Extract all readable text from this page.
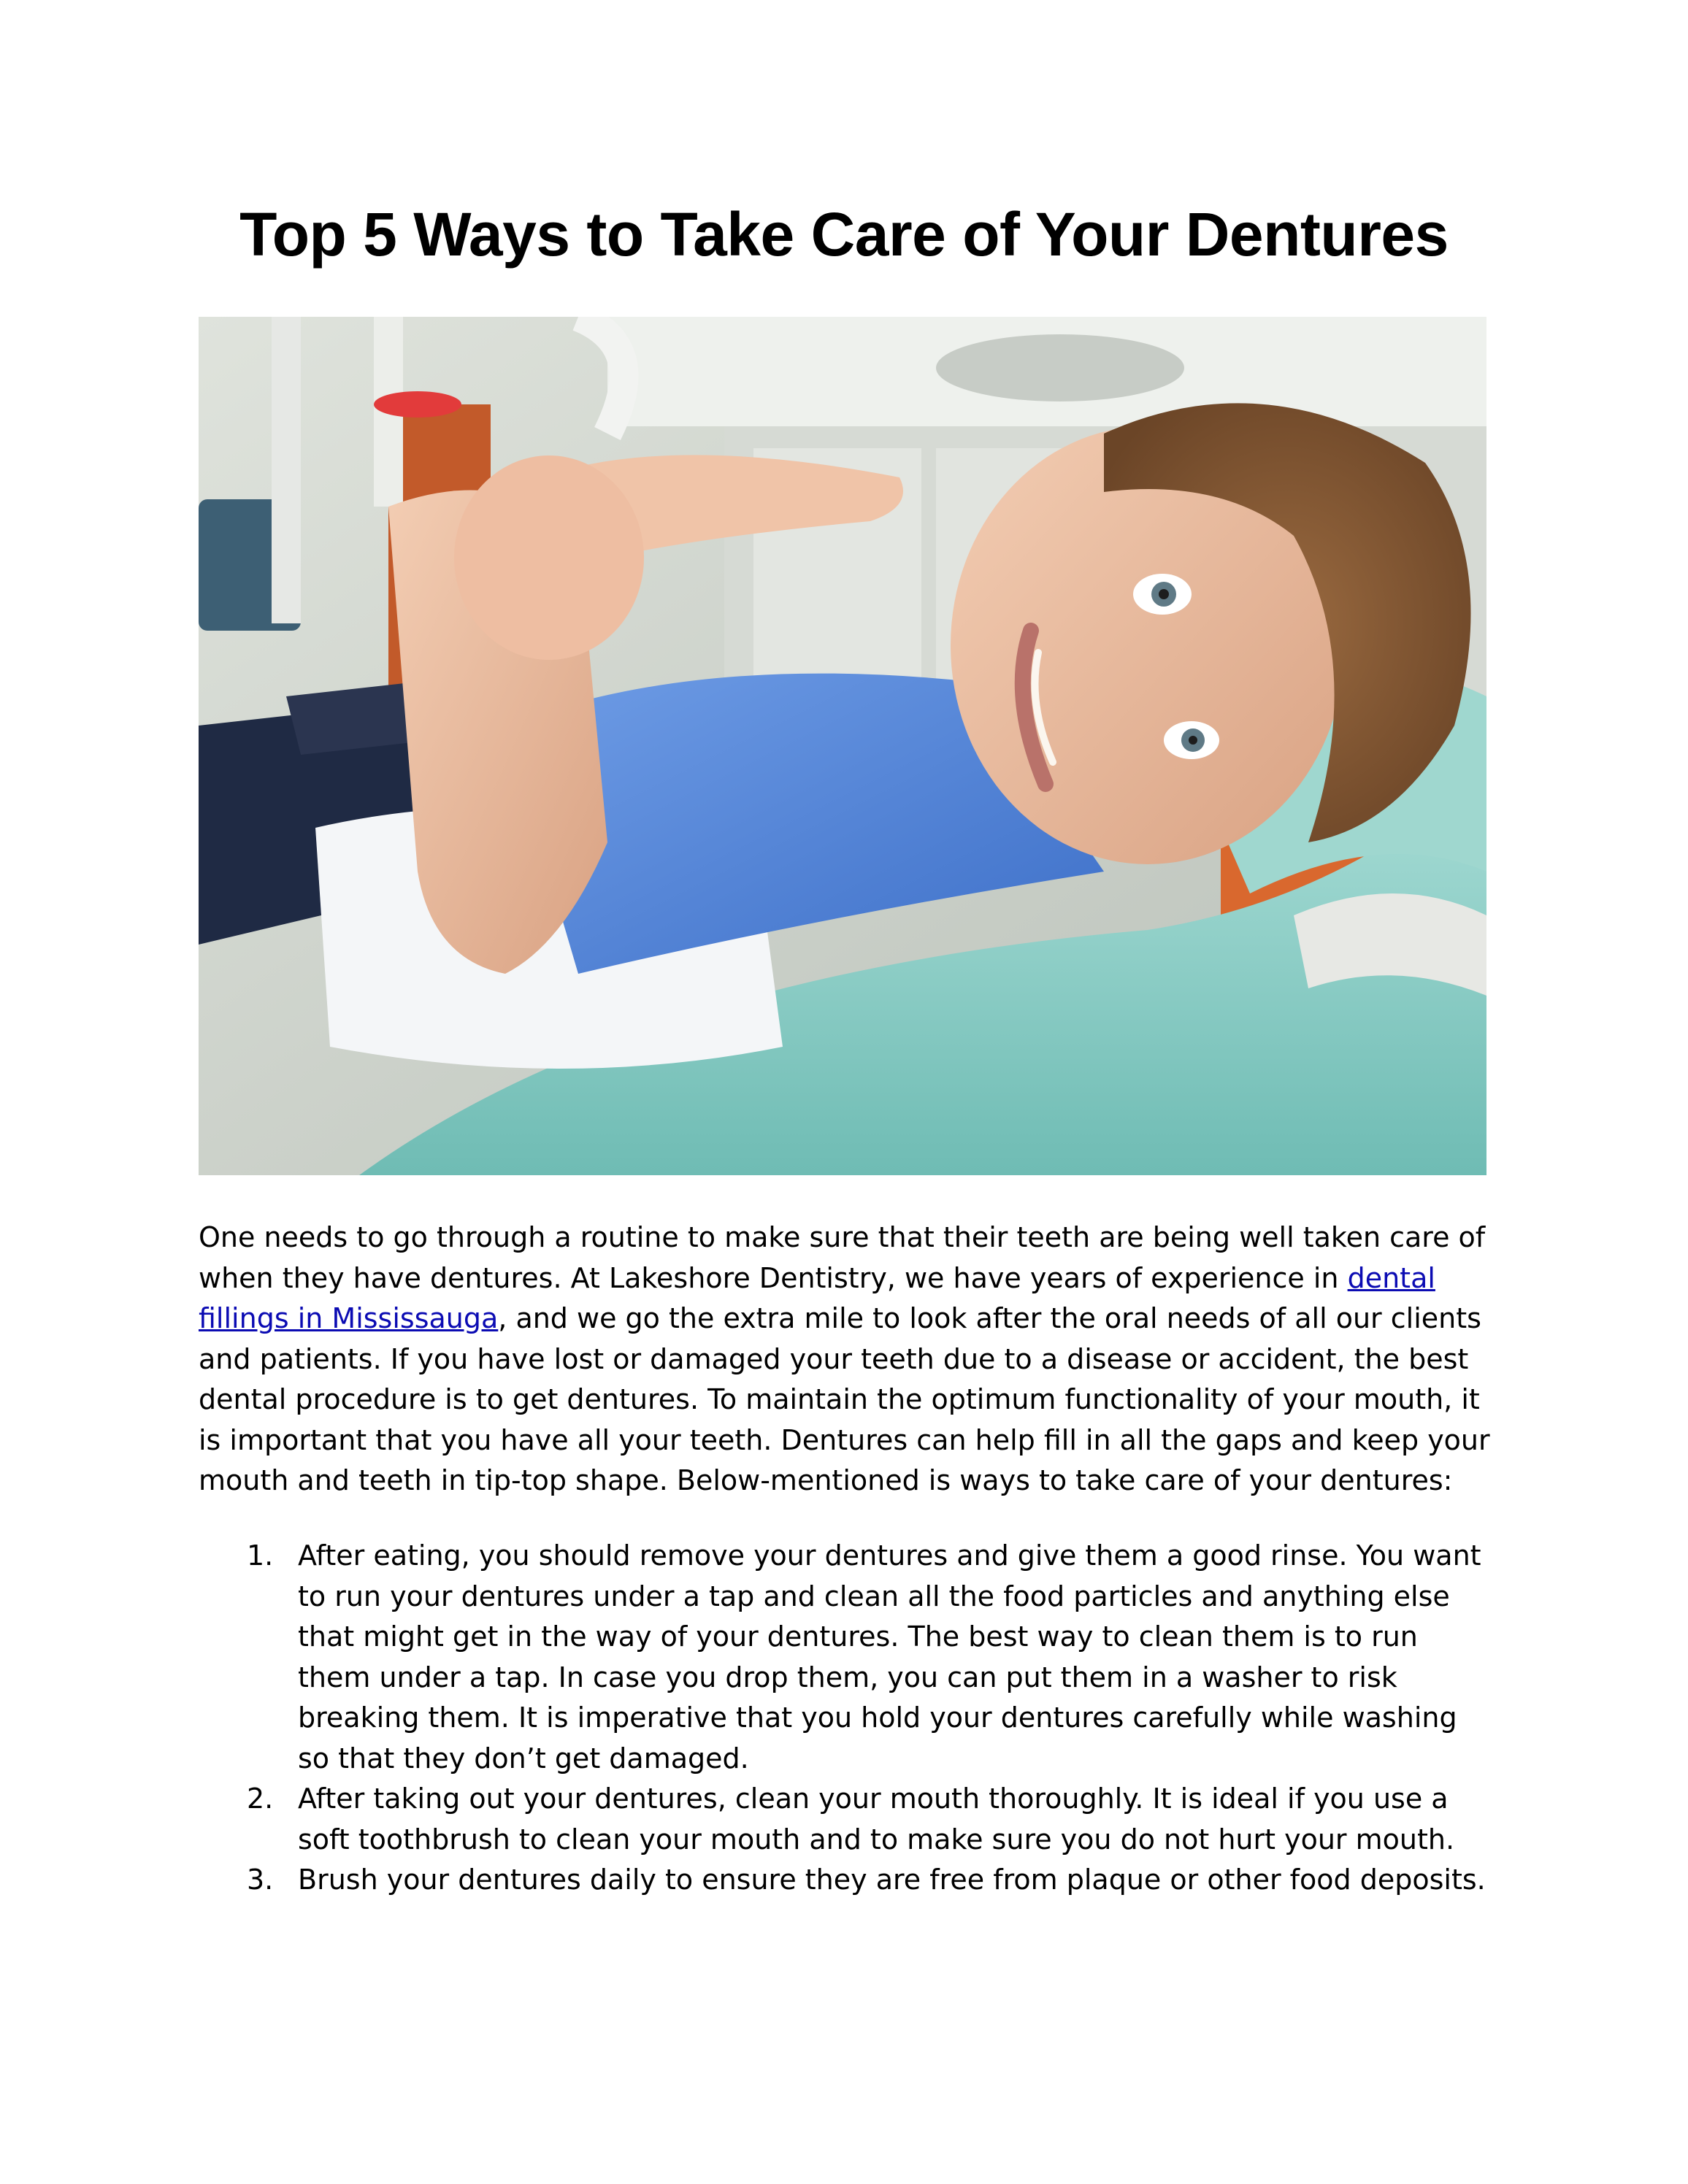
Top 5 Ways to Take Care of Your Dentures

One needs to go through a routine to make sure that their teeth are being well taken care of when they have dentures. At Lakeshore Dentistry, we have years of experience in dental fillings in Mississauga, and we go the extra mile to look after the oral needs of all our clients and patients. If you have lost or damaged your teeth due to a disease or accident, the best dental procedure is to get dentures. To maintain the optimum functionality of your mouth, it is important that you have all your teeth. Dentures can help fill in all the gaps and keep your mouth and teeth in tip-top shape. Below-mentioned is ways to take care of your dentures:

1. After eating, you should remove your dentures and give them a good rinse. You want to run your dentures under a tap and clean all the food particles and anything else that might get in the way of your dentures. The best way to clean them is to run them under a tap. In case you drop them, you can put them in a washer to risk breaking them. It is imperative that you hold your dentures carefully while washing so that they don’t get damaged.
2. After taking out your dentures, clean your mouth thoroughly. It is ideal if you use a soft toothbrush to clean your mouth and to make sure you do not hurt your mouth.
3. Brush your dentures daily to ensure they are free from plaque or other food deposits.
